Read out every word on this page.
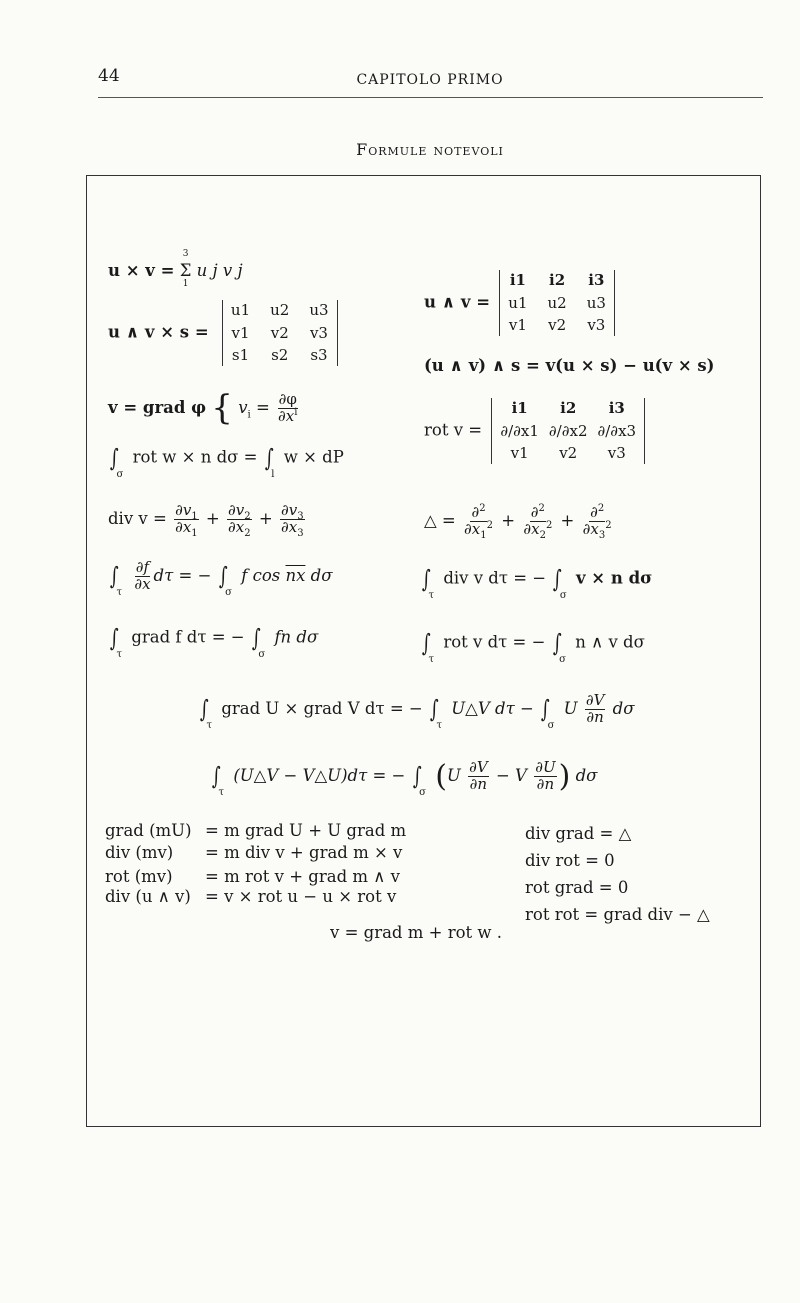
44	CAPITOLO PRIMO
Formule notevoli
u × v =
3
Σ
1
u j v j
u ∧ v × s =
u1 u2 u3
v1 v2 v3
s1 s2 s3
u ∧ v =
i1 i2 i3
u1 u2 u3
v1 v2 v3
(u ∧ v) ∧ s = v(u × s) − u(v × s)
v = grad φ { $v_i = \frac{\partial\varphi}{\partial x^i}$
$\int_\sigma$ rot w × n $d\sigma = \int_l$ w × dP
rot v =
i1	i2	i3
∂/∂x1 ∂/∂x2 ∂/∂x3
v1	v2	v3
div $v = \frac{\partial v_1}{\partial x_1} + \frac{\partial v_2}{\partial x_2} + \frac{\partial v_3}{\partial x_3}$	△ = $\frac{\partial^2}{\partial x_1^2} + \frac{\partial^2}{\partial x_2^2} + \frac{\partial^2}{\partial x_3^2}$
$\int_\tau \frac{\partial f}{\partial x}$ dτ = − $\int_\sigma$ f $\cos \overline{nx}$ dσ	$\int_\tau$ div v dτ = − $\int_\sigma$ v × n dσ
$\int_\tau$ grad f dτ = − $\int_\sigma$ fn dσ	$\int_\tau$ rot v dτ = − $\int_\sigma$ n ∧ v dσ
$\int_\tau$ grad U × grad V dτ = − $\int_\tau$ U△V $d\tau - \int_\sigma$ U $\frac{\partial V}{\partial n}$ dσ
$\int_\tau$ (U△V − V△U)dτ = − $\int_\sigma$ ($U \frac{\partial V}{\partial n} - V \frac{\partial U}{\partial n}$ ) dσ
grad (mU) = m grad U + U grad m
div (mv) = m div v + grad m × v
rot (mv) = m rot v + grad m ∧ v
div (u ∧ v) = v × rot u − u × rot v
div grad = △
div rot = 0
rot grad = 0
rot rot = grad div − △
v = grad m + rot w .
